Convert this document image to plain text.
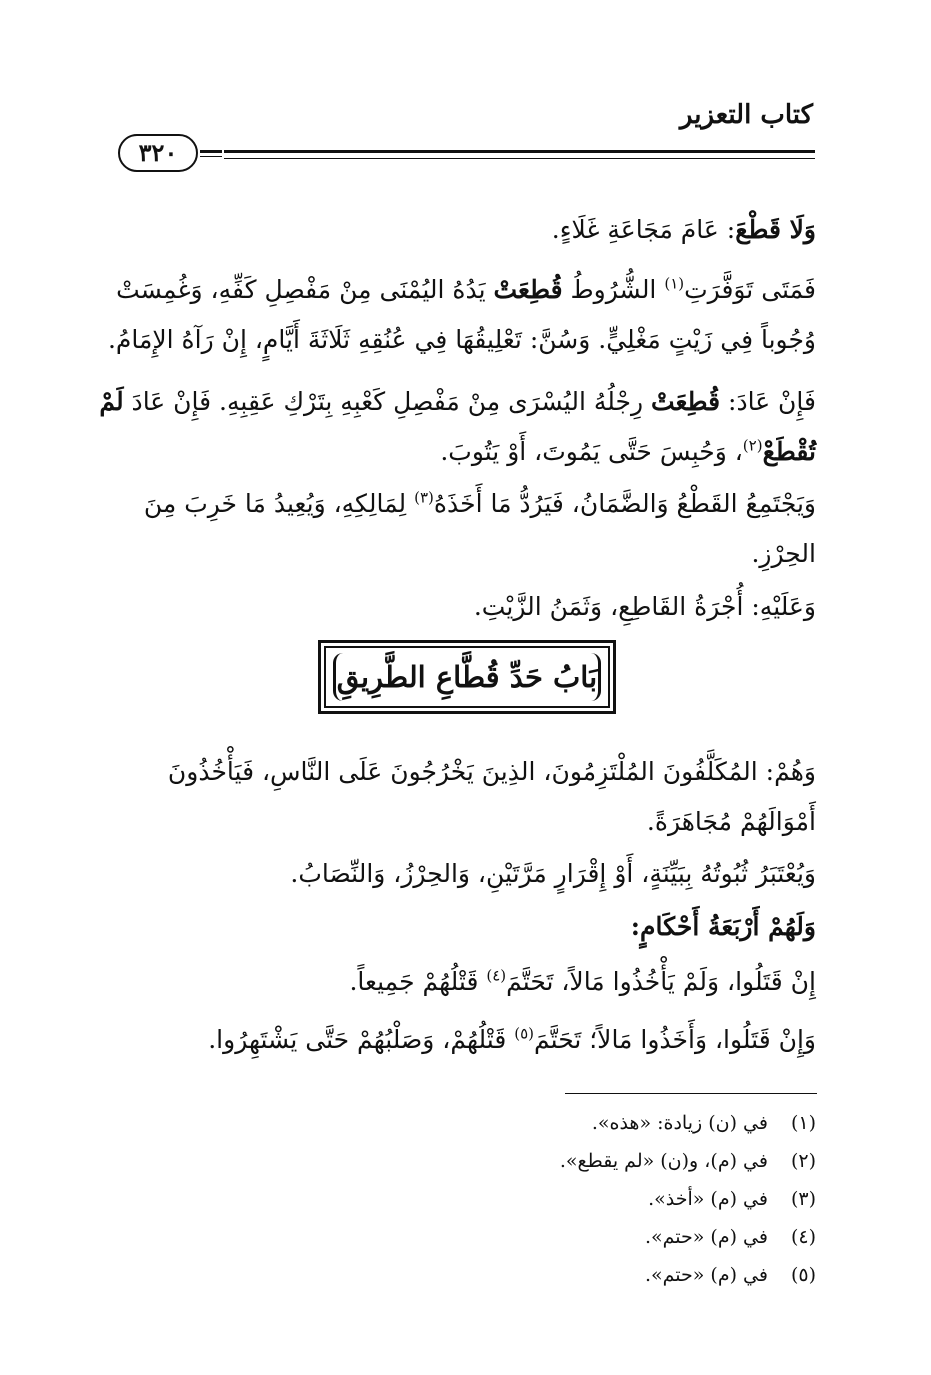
كتاب التعزير
٣٢٠
وَلَا قَطْعَ: عَامَ مَجَاعَةِ غَلَاءٍ.
فَمَتَى تَوَفَّرَتِ$^{(١)}$ الشُّرُوطُ قُطِعَتْ يَدُهُ اليُمْنَى مِنْ مَفْصِلِ كَفِّهِ، وَغُمِسَتْ
وُجُوباً فِي زَيْتٍ مَغْلِيٍّ. وَسُنَّ: تَعْلِيقُهَا فِي عُنُقِهِ ثَلَاثَةَ أَيَّامٍ، إِنْ رَآهُ الإِمَامُ.
فَإِنْ عَادَ: قُطِعَتْ رِجْلُهُ اليُسْرَى مِنْ مَفْصِلِ كَعْبِهِ بِتَرْكِ عَقِبِهِ. فَإِنْ عَادَ لَمْ
تُقْطَعْ$^{(٢)}$، وَحُبِسَ حَتَّى يَمُوتَ، أَوْ يَتُوبَ.
وَيَجْتَمِعُ القَطْعُ وَالضَّمَانُ، فَيَرُدُّ مَا أَخَذَهُ$^{(٣)}$ لِمَالِكِهِ، وَيُعِيدُ مَا خَرِبَ مِنَ
الحِرْزِ.
وَعَلَيْهِ: أُجْرَةُ القَاطِعِ، وَثَمَنُ الزَّيْتِ.
بَابُ حَدِّ قُطَّاعِ الطَّرِيقِ
وَهُمْ: المُكَلَّفُونَ المُلْتَزِمُونَ، الذِينَ يَخْرُجُونَ عَلَى النَّاسِ، فَيَأْخُذُونَ
أَمْوَالَهُمْ مُجَاهَرَةً.
وَيُعْتَبَرُ ثُبُوتُهُ بِبَيِّنَةٍ، أَوْ إِقْرَارٍ مَرَّتَيْنِ، وَالحِرْزُ، وَالنِّصَابُ.
وَلَهُمْ أَرْبَعَةُ أَحْكَامٍ:
إِنْ قَتَلُوا، وَلَمْ يَأْخُذُوا مَالاً، تَحَتَّمَ$^{(٤)}$ قَتْلُهُمْ جَمِيعاً.
وَإِنْ قَتَلُوا، وَأَخَذُوا مَالاً؛ تَحَتَّمَ$^{(٥)}$ قَتْلُهُمْ، وَصَلْبُهُمْ حَتَّى يَشْتَهِرُوا.
(١) في (ن) زيادة: «هذه».
(٢) في (م)، و(ن) «لم يقطع».
(٣) في (م) «أخذ».
(٤) في (م) «حتم».
(٥) في (م) «حتم».
